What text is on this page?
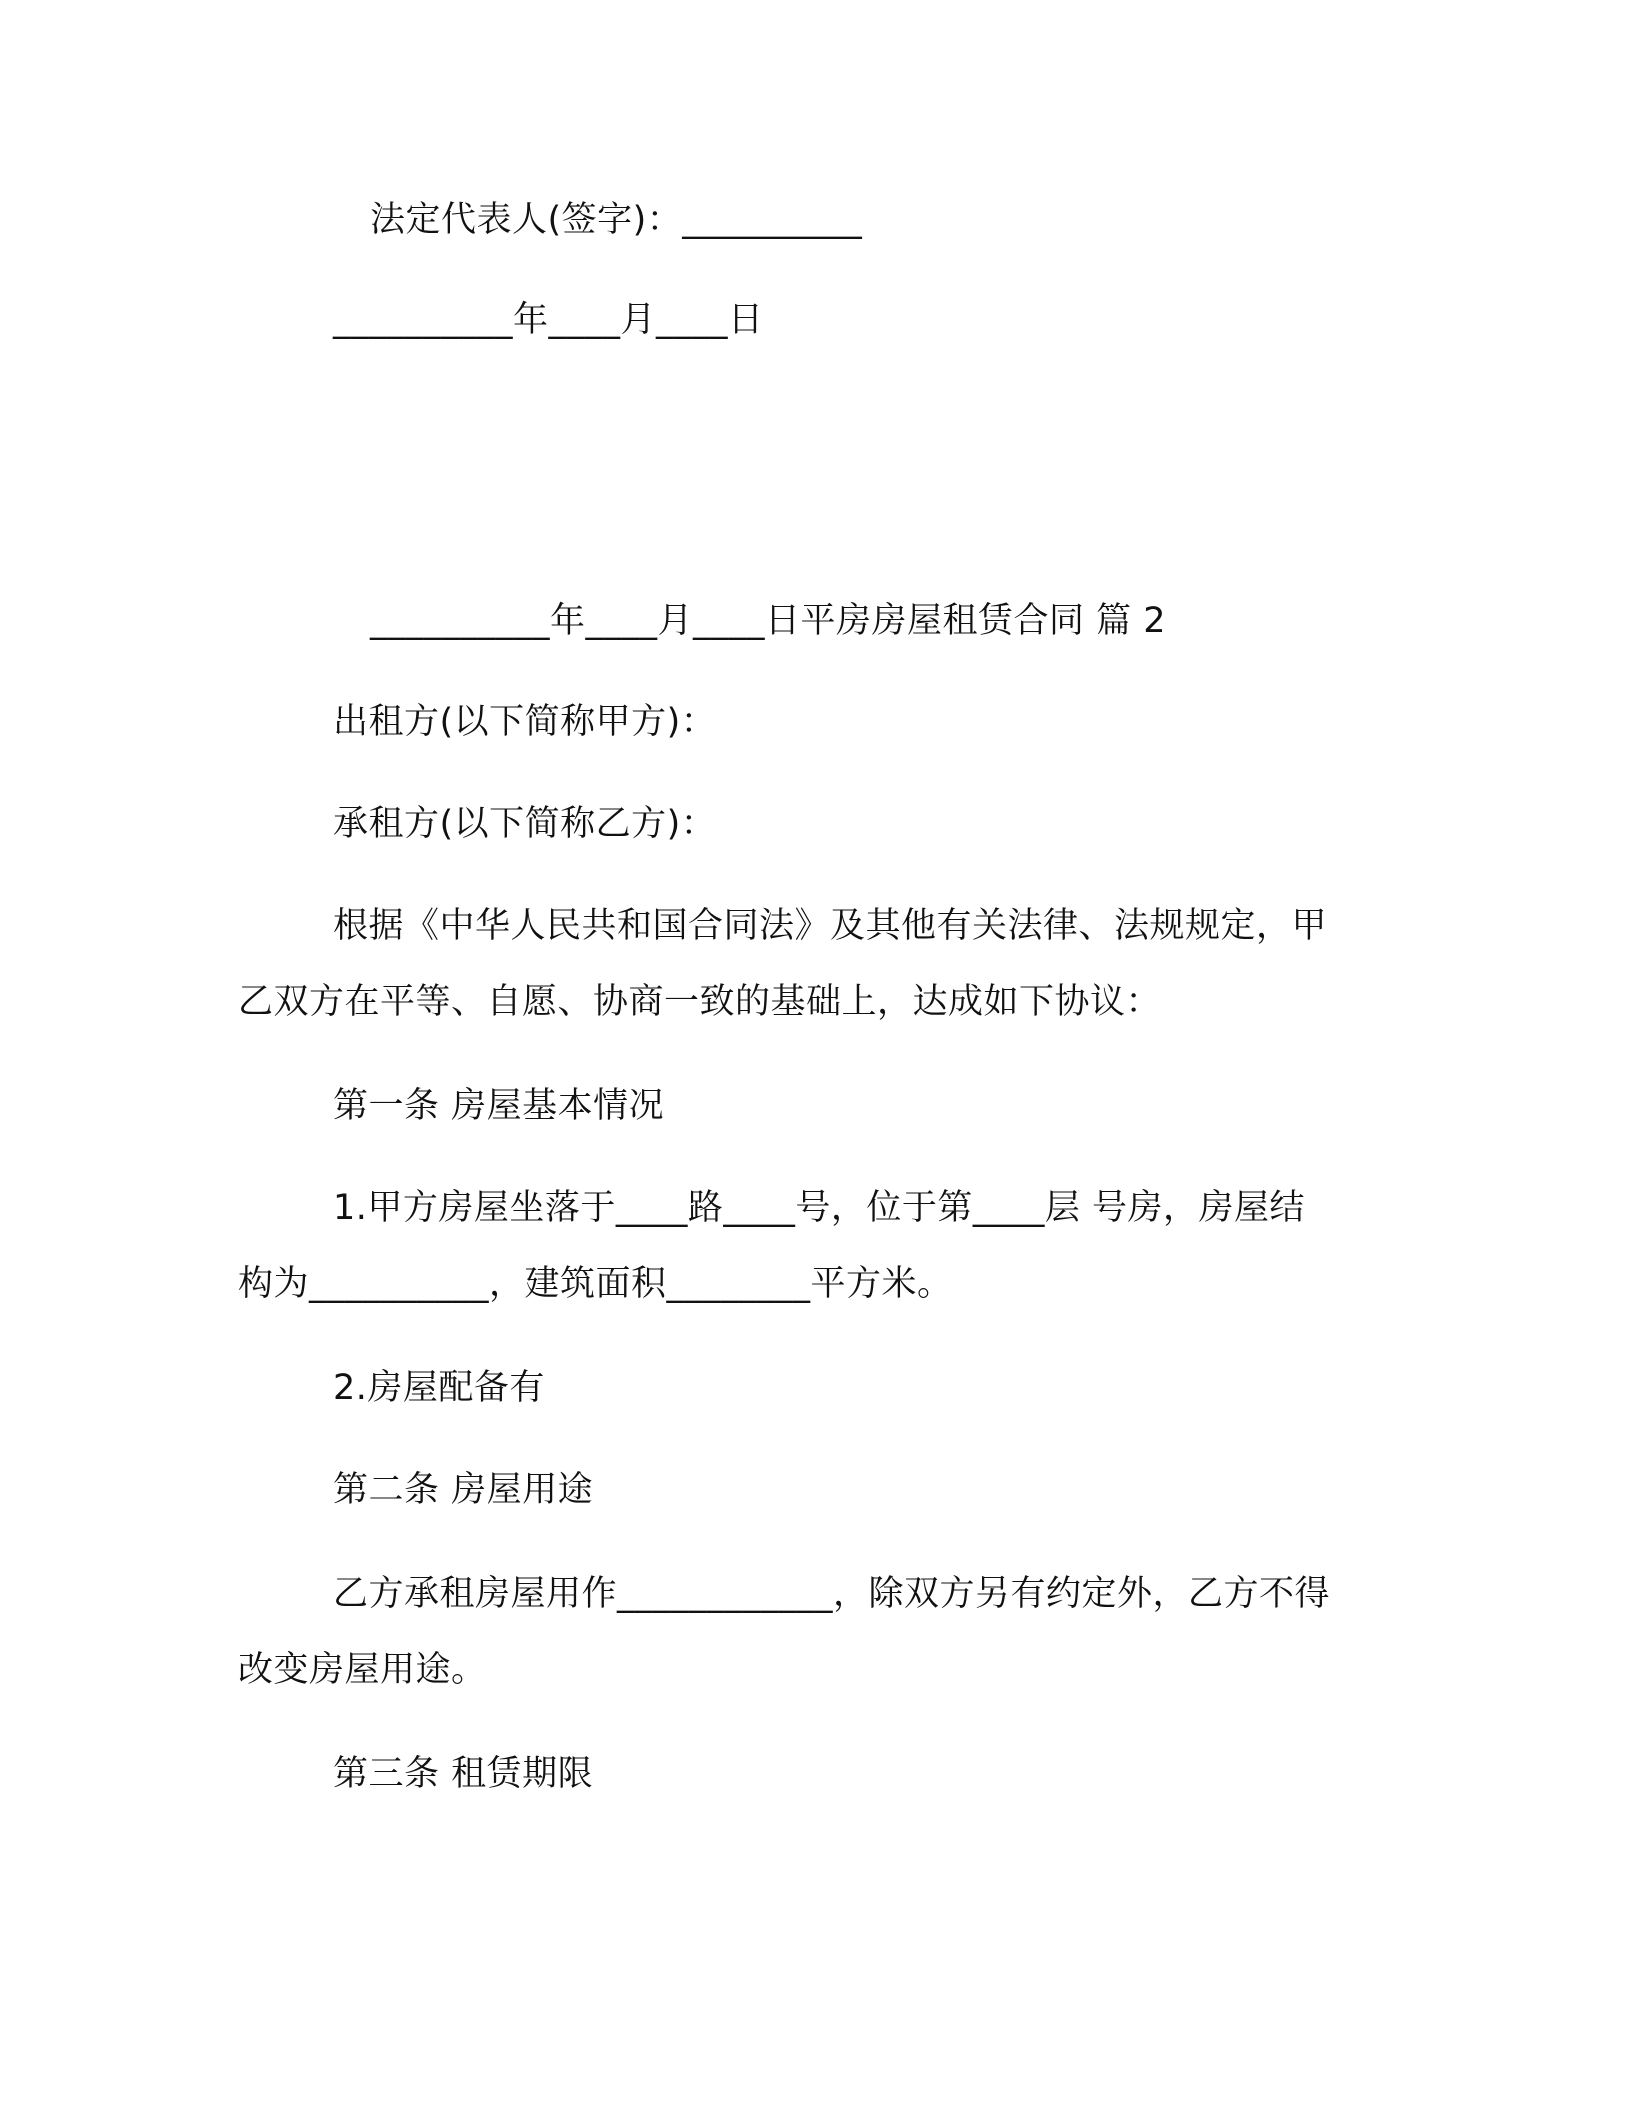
法定代表人(签字)：__________
__________年____月____日
__________年____月____日平房房屋租赁合同 篇 2
出租方(以下简称甲方)：
承租方(以下简称乙方)：
根据《中华人民共和国合同法》及其他有关法律、法规规定，甲
乙双方在平等、自愿、协商一致的基础上，达成如下协议：
第一条 房屋基本情况
1.甲方房屋坐落于____路____号，位于第____层 号房，房屋结
构为__________，建筑面积________平方米。
2.房屋配备有
第二条 房屋用途
乙方承租房屋用作____________，除双方另有约定外，乙方不得
改变房屋用途。
第三条 租赁期限
